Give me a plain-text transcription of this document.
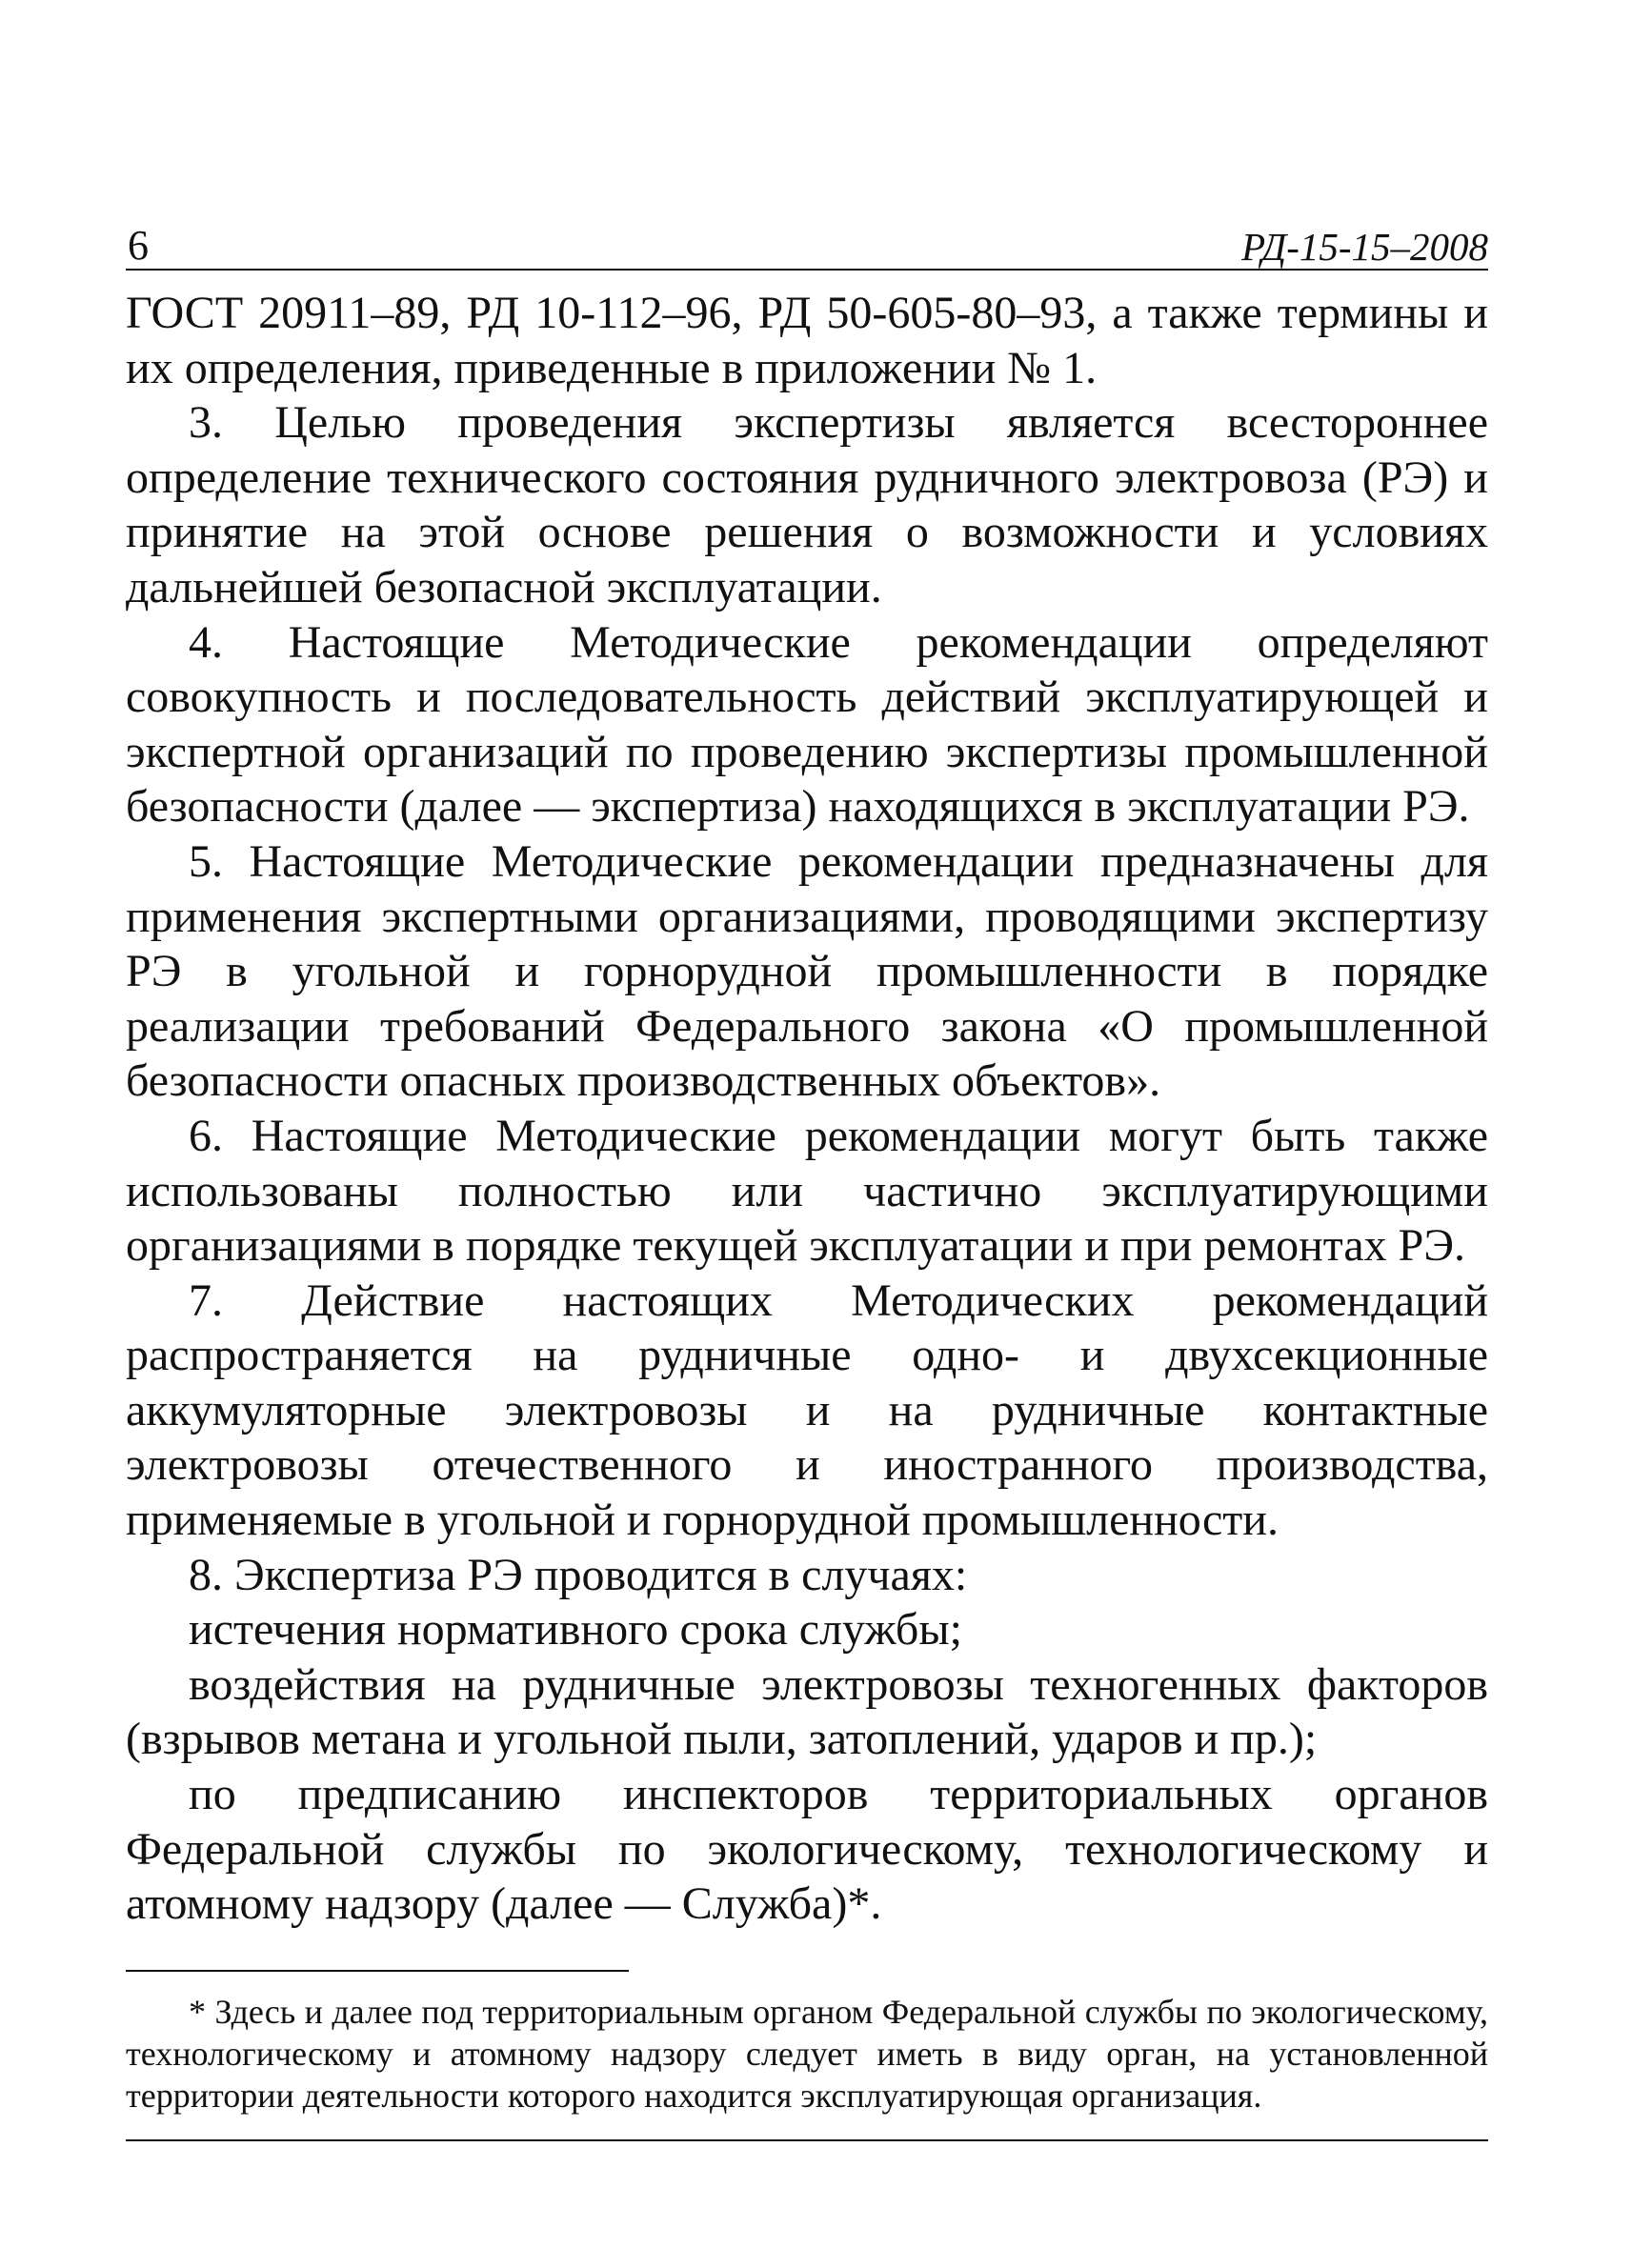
6	РД-15-15–2008

ГОСТ 20911–89, РД 10-112–96, РД 50-605-80–93, а также термины и их определения, приведенные в приложении № 1.

3. Целью проведения экспертизы является всестороннее определение технического состояния рудничного электровоза (РЭ) и принятие на этой основе решения о возможности и условиях дальнейшей безопасной эксплуатации.

4. Настоящие Методические рекомендации определяют совокупность и последовательность действий эксплуатирующей и экспертной организаций по проведению экспертизы промышленной безопасности (далее — экспертиза) находящихся в эксплуатации РЭ.

5. Настоящие Методические рекомендации предназначены для применения экспертными организациями, проводящими экспертизу РЭ в угольной и горнорудной промышленности в порядке реализации требований Федерального закона «О промышленной безопасности опасных производственных объектов».

6. Настоящие Методические рекомендации могут быть также использованы полностью или частично эксплуатирующими организациями в порядке текущей эксплуатации и при ремонтах РЭ.

7. Действие настоящих Методических рекомендаций распространяется на рудничные одно- и двухсекционные аккумуляторные электровозы и на рудничные контактные электровозы отечественного и иностранного производства, применяемые в угольной и горнорудной промышленности.

8. Экспертиза РЭ проводится в случаях:

истечения нормативного срока службы;

воздействия на рудничные электровозы техногенных факторов (взрывов метана и угольной пыли, затоплений, ударов и пр.);

по предписанию инспекторов территориальных органов Федеральной службы по экологическому, технологическому и атомному надзору (далее — Служба)*.

* Здесь и далее под территориальным органом Федеральной службы по экологическому, технологическому и атомному надзору следует иметь в виду орган, на установленной территории деятельности которого находится эксплуатирующая организация.
